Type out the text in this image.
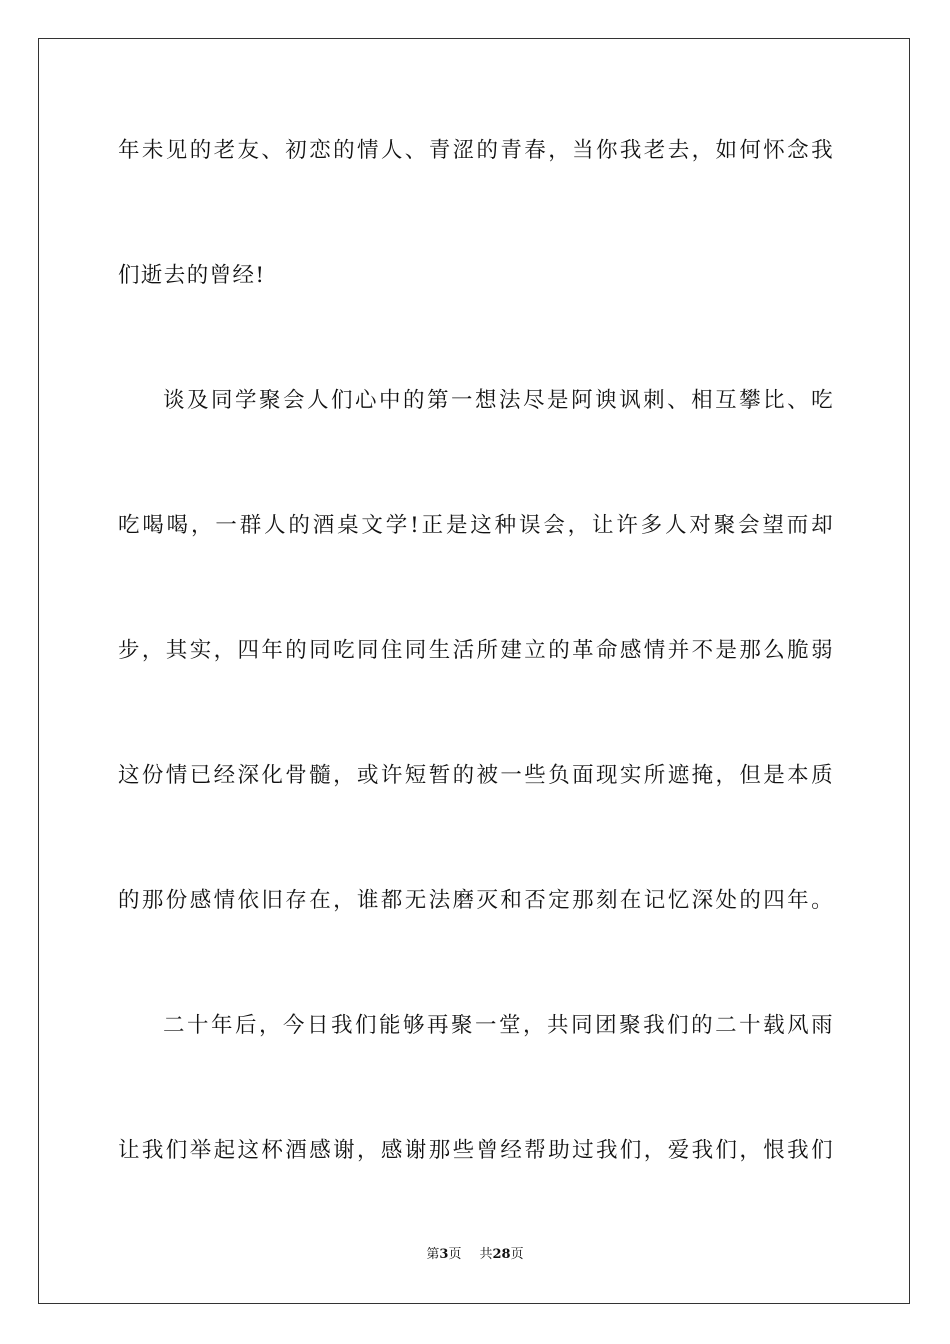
年未见的老友、初恋的情人、青涩的青春，当你我老去，如何怀念我
们逝去的曾经!
谈及同学聚会人们心中的第一想法尽是阿谀讽刺、相互攀比、吃
吃喝喝，一群人的酒桌文学!正是这种误会，让许多人对聚会望而却
步，其实，四年的同吃同住同生活所建立的革命感情并不是那么脆弱
这份情已经深化骨髓，或许短暂的被一些负面现实所遮掩，但是本质
的那份感情依旧存在，谁都无法磨灭和否定那刻在记忆深处的四年。
二十年后，今日我们能够再聚一堂，共同团聚我们的二十载风雨
让我们举起这杯酒感谢，感谢那些曾经帮助过我们，爱我们，恨我们
第3页 共28页
